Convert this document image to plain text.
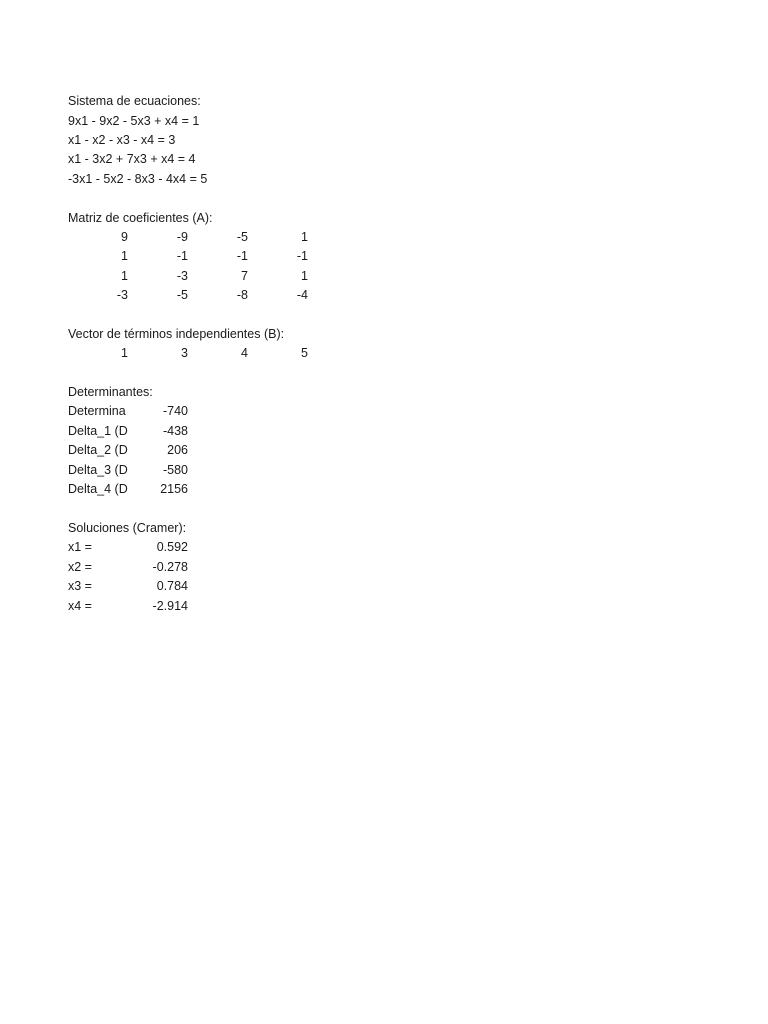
Sistema de ecuaciones:
9x1 - 9x2 - 5x3 + x4 = 1
x1 - x2 - x3 - x4 = 3
x1 - 3x2 + 7x3 + x4 = 4
-3x1 - 5x2 - 8x3 - 4x4 = 5
Matriz de coeficientes (A):
9	-9	-5	1
1	-1	-1	-1
1	-3	7	1
-3	-5	-8	-4
Vector de términos independientes (B):
1	3	4	5
Determinantes:
Determina	-740
Delta_1 (D	-438
Delta_2 (D	206
Delta_3 (D	-580
Delta_4 (D	2156
Soluciones (Cramer):
x1 =	0.592
x2 =	-0.278
x3 =	0.784
x4 =	-2.914
